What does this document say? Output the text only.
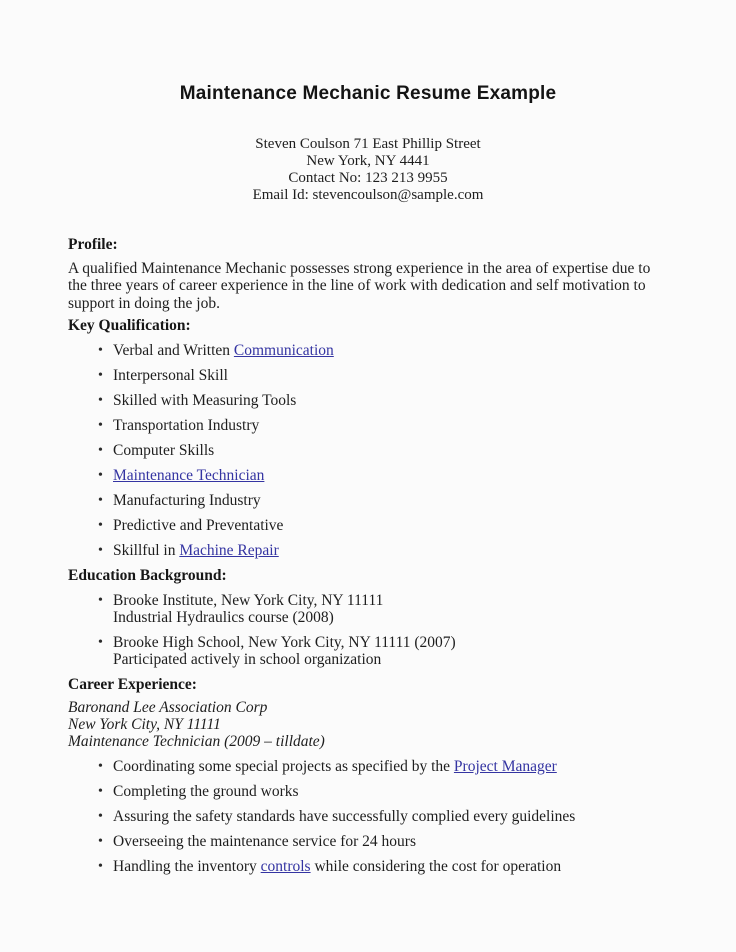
Maintenance Mechanic Resume Example
Steven Coulson 71 East Phillip Street
New York, NY 4441
Contact No: 123 213 9955
Email Id: stevencoulson@sample.com
Profile:
A qualified Maintenance Mechanic possesses strong experience in the area of expertise due to the three years of career experience in the line of work with dedication and self motivation to support in doing the job.
Key Qualification:
• Verbal and Written Communication
• Interpersonal Skill
• Skilled with Measuring Tools
• Transportation Industry
• Computer Skills
• Maintenance Technician
• Manufacturing Industry
• Predictive and Preventative
• Skillful in Machine Repair
Education Background:
• Brooke Institute, New York City, NY 11111
Industrial Hydraulics course (2008)
• Brooke High School, New York City, NY 11111 (2007)
Participated actively in school organization
Career Experience:
Baronand Lee Association Corp
New York City, NY 11111
Maintenance Technician (2009 – tilldate)
• Coordinating some special projects as specified by the Project Manager
• Completing the ground works
• Assuring the safety standards have successfully complied every guidelines
• Overseeing the maintenance service for 24 hours
• Handling the inventory controls while considering the cost for operation
